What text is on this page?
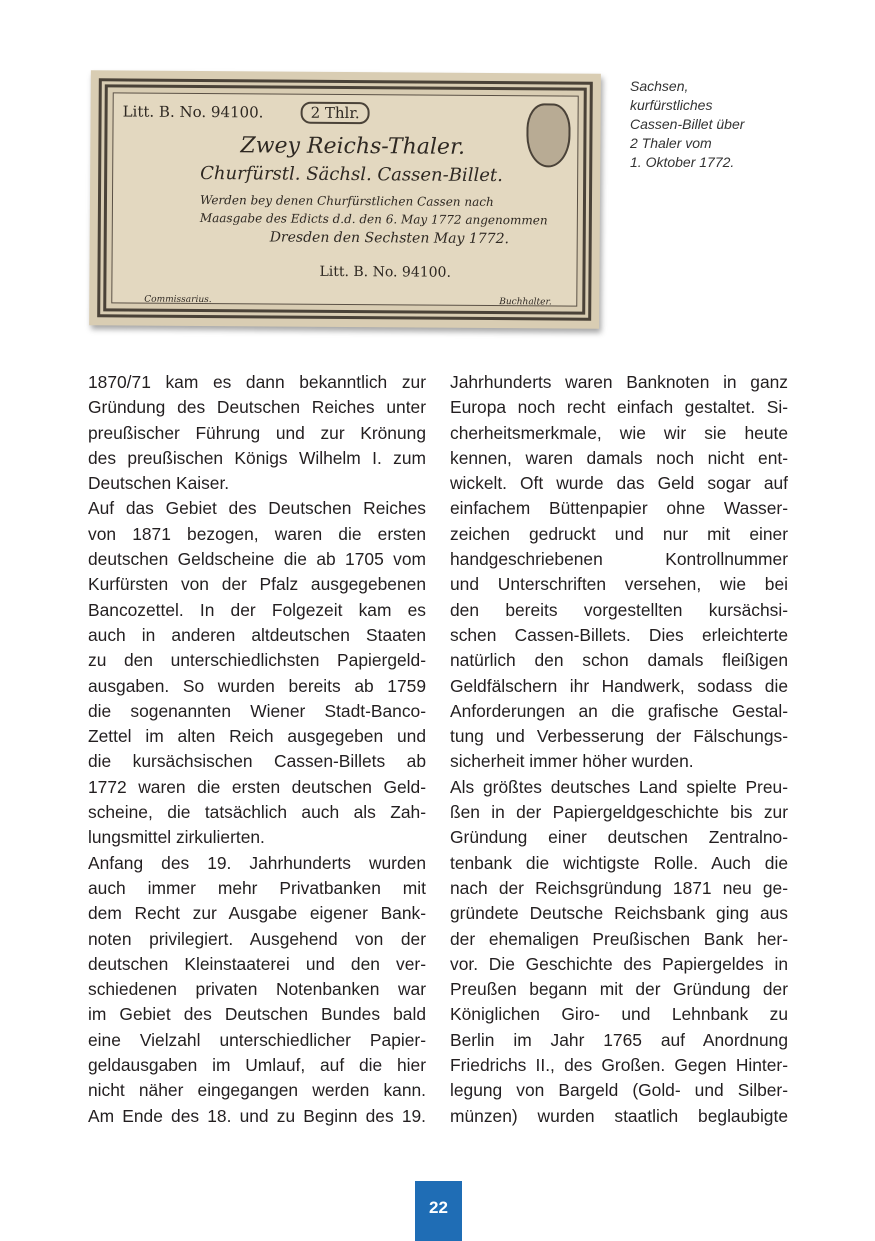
Litt. B. No. 94100.	2 Thlr.
Zwey Reichs-Thaler.
Churfürstl. Sächsl. Cassen-Billet.
Werden bey denen Churfürstlichen Cassen nach
Maasgabe des Edicts d.d. den 6. May 1772 angenommen
Dresden den Sechsten May 1772.
Litt. B. No. 94100.
Commissarius.	Buchhalter.
Sachsen,
kurfürstliches
Cassen-Billet über
2 Thaler vom
1. Oktober 1772.
1870/71 kam es dann bekanntlich zur
Gründung des Deutschen Reiches unter
preußischer Führung und zur Krönung
des preußischen Königs Wilhelm I. zum
Deutschen Kaiser.
Auf das Gebiet des Deutschen Reiches
von 1871 bezogen, waren die ersten
deutschen Geldscheine die ab 1705 vom
Kurfürsten von der Pfalz ausgegebenen
Bancozettel. In der Folgezeit kam es
auch in anderen altdeutschen Staaten
zu den unterschiedlichsten Papiergeld-
ausgaben. So wurden bereits ab 1759
die sogenannten Wiener Stadt-Banco-
Zettel im alten Reich ausgegeben und
die kursächsischen Cassen-Billets ab
1772 waren die ersten deutschen Geld-
scheine, die tatsächlich auch als Zah-
lungsmittel zirkulierten.
Anfang des 19. Jahrhunderts wurden
auch immer mehr Privatbanken mit
dem Recht zur Ausgabe eigener Bank-
noten privilegiert. Ausgehend von der
deutschen Kleinstaaterei und den ver-
schiedenen privaten Notenbanken war
im Gebiet des Deutschen Bundes bald
eine Vielzahl unterschiedlicher Papier-
geldausgaben im Umlauf, auf die hier
nicht näher eingegangen werden kann.
Am Ende des 18. und zu Beginn des 19.
Jahrhunderts waren Banknoten in ganz
Europa noch recht einfach gestaltet. Si-
cherheitsmerkmale, wie wir sie heute
kennen, waren damals noch nicht ent-
wickelt. Oft wurde das Geld sogar auf
einfachem Büttenpapier ohne Wasser-
zeichen gedruckt und nur mit einer
handgeschriebenen Kontrollnummer
und Unterschriften versehen, wie bei
den bereits vorgestellten kursächsi-
schen Cassen-Billets. Dies erleichterte
natürlich den schon damals fleißigen
Geldfälschern ihr Handwerk, sodass die
Anforderungen an die grafische Gestal-
tung und Verbesserung der Fälschungs-
sicherheit immer höher wurden.
Als größtes deutsches Land spielte Preu-
ßen in der Papiergeldgeschichte bis zur
Gründung einer deutschen Zentralno-
tenbank die wichtigste Rolle. Auch die
nach der Reichsgründung 1871 neu ge-
gründete Deutsche Reichsbank ging aus
der ehemaligen Preußischen Bank her-
vor. Die Geschichte des Papiergeldes in
Preußen begann mit der Gründung der
Königlichen Giro- und Lehnbank zu
Berlin im Jahr 1765 auf Anordnung
Friedrichs II., des Großen. Gegen Hinter-
legung von Bargeld (Gold- und Silber-
münzen) wurden staatlich beglaubigte
22
